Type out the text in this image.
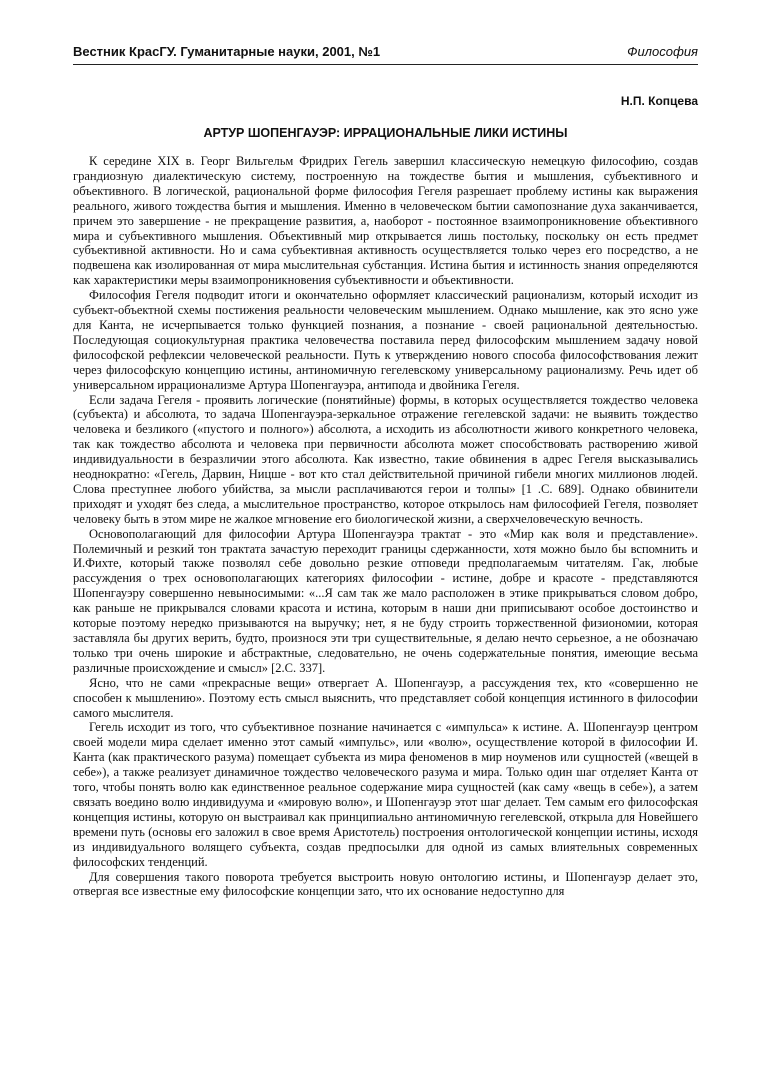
Вестник КрасГУ. Гуманитарные науки, 2001, №1	Философия
Н.П. Копцева
АРТУР ШОПЕНГАУЭР: ИРРАЦИОНАЛЬНЫЕ ЛИКИ ИСТИНЫ

К середине XIX в. Георг Вильгельм Фридрих Гегель завершил классическую немецкую философию, создав грандиозную диалектическую систему, построенную на тождестве бытия и мышления, субъективного и объективного. В логической, рациональной форме философия Гегеля разрешает проблему истины как выражения реального, живого тождества бытия и мышления. Именно в человеческом бытии самопознание духа заканчивается, причем это завершение - не прекращение развития, а, наоборот - постоянное взаимопроникновение объективного мира и субъективного мышления. Объективный мир открывается лишь постольку, поскольку он есть предмет субъективной активности. Но и сама субъективная активность осуществляется только через его посредство, а не подвешена как изолированная от мира мыслительная субстанция. Истина бытия и истинность знания определяются как характеристики меры взаимопроникновения субъективности и объективности.

Философия Гегеля подводит итоги и окончательно оформляет классический рационализм, который исходит из субъект-объектной схемы постижения реальности человеческим мышлением. Однако мышление, как это ясно уже для Канта, не исчерпывается только функцией познания, а познание - своей рациональной деятельностью. Последующая социокультурная практика человечества поставила перед философским мышлением задачу новой философской рефлексии человеческой реальности. Путь к утверждению нового способа философствования лежит через философскую концепцию истины, антиномичную гегелевскому универсальному рационализму. Речь идет об универсальном иррационализме Артура Шопенгауэра, антипода и двойника Гегеля.

Если задача Гегеля - проявить логические (понятийные) формы, в которых осуществляется тождество человека (субъекта) и абсолюта, то задача Шопенгауэра-зеркальное отражение гегелевской задачи: не выявить тождество человека и безликого («пустого и полного») абсолюта, а исходить из абсолютности живого конкретного человека, так как тождество абсолюта и человека при первичности абсолюта может способствовать растворению живой индивидуальности в безразличии этого абсолюта. Как известно, такие обвинения в адрес Гегеля высказывались неоднократно: «Гегель, Дарвин, Ницше - вот кто стал действительной причиной гибели многих миллионов людей. Слова преступнее любого убийства, за мысли расплачиваются герои и толпы» [1 .С. 689]. Однако обвинители приходят и уходят без следа, а мыслительное пространство, которое открылось нам философией Гегеля, позволяет человеку быть в этом мире не жалкое мгновение его биологической жизни, а сверхчеловеческую вечность.

Основополагающий для философии Артура Шопенгауэра трактат - это «Мир как воля и представление». Полемичный и резкий тон трактата зачастую переходит границы сдержанности, хотя можно было бы вспомнить и И.Фихте, который также позволял себе довольно резкие отповеди предполагаемым читателям. Гак, любые рассуждения о трех основополагающих категориях философии - истине, добре и красоте - представляются Шопенгауэру совершенно невыносимыми: «...Я сам так же мало расположен в этике прикрываться словом добро, как раньше не прикрывался словами красота и истина, которым в наши дни приписывают особое достоинство и которые поэтому нередко призываются на выручку; нет, я не буду строить торжественной физиономии, которая заставляла бы других верить, будто, произнося эти три существительные, я делаю нечто серьезное, а не обозначаю только три очень широкие и абстрактные, следовательно, не очень содержательные понятия, имеющие весьма различные происхождение и смысл» [2.С. 337].

Ясно, что не сами «прекрасные вещи» отвергает А. Шопенгауэр, а рассуждения тех, кто «совершенно не способен к мышлению». Поэтому есть смысл выяснить, что представляет собой концепция истинного в философии самого мыслителя.

Гегель исходит из того, что субъективное познание начинается с «импульса» к истине. А. Шопенгауэр центром своей модели мира сделает именно этот самый «импульс», или «волю», осуществление которой в философии И. Канта (как практического разума) помещает субъекта из мира феноменов в мир ноуменов или сущностей («вещей в себе»), а также реализует динамичное тождество человеческого разума и мира. Только один шаг отделяет Канта от того, чтобы понять волю как единственное реальное содержание мира сущностей (как саму «вещь в себе»), а затем связать воедино волю индивидуума и «мировую волю», и Шопенгауэр этот шаг делает. Тем самым его философская концепция истины, которую он выстраивал как принципиально антиномичную гегелевской, открыла для Новейшего времени путь (основы его заложил в свое время Аристотель) построения онтологической концепции истины, исходя из индивидуального волящего субъекта, создав предпосылки для одной из самых влиятельных современных философских тенденций.

Для совершения такого поворота требуется выстроить новую онтологию истины, и Шопенгауэр делает это, отвергая все известные ему философские концепции зато, что их основание недоступно для
